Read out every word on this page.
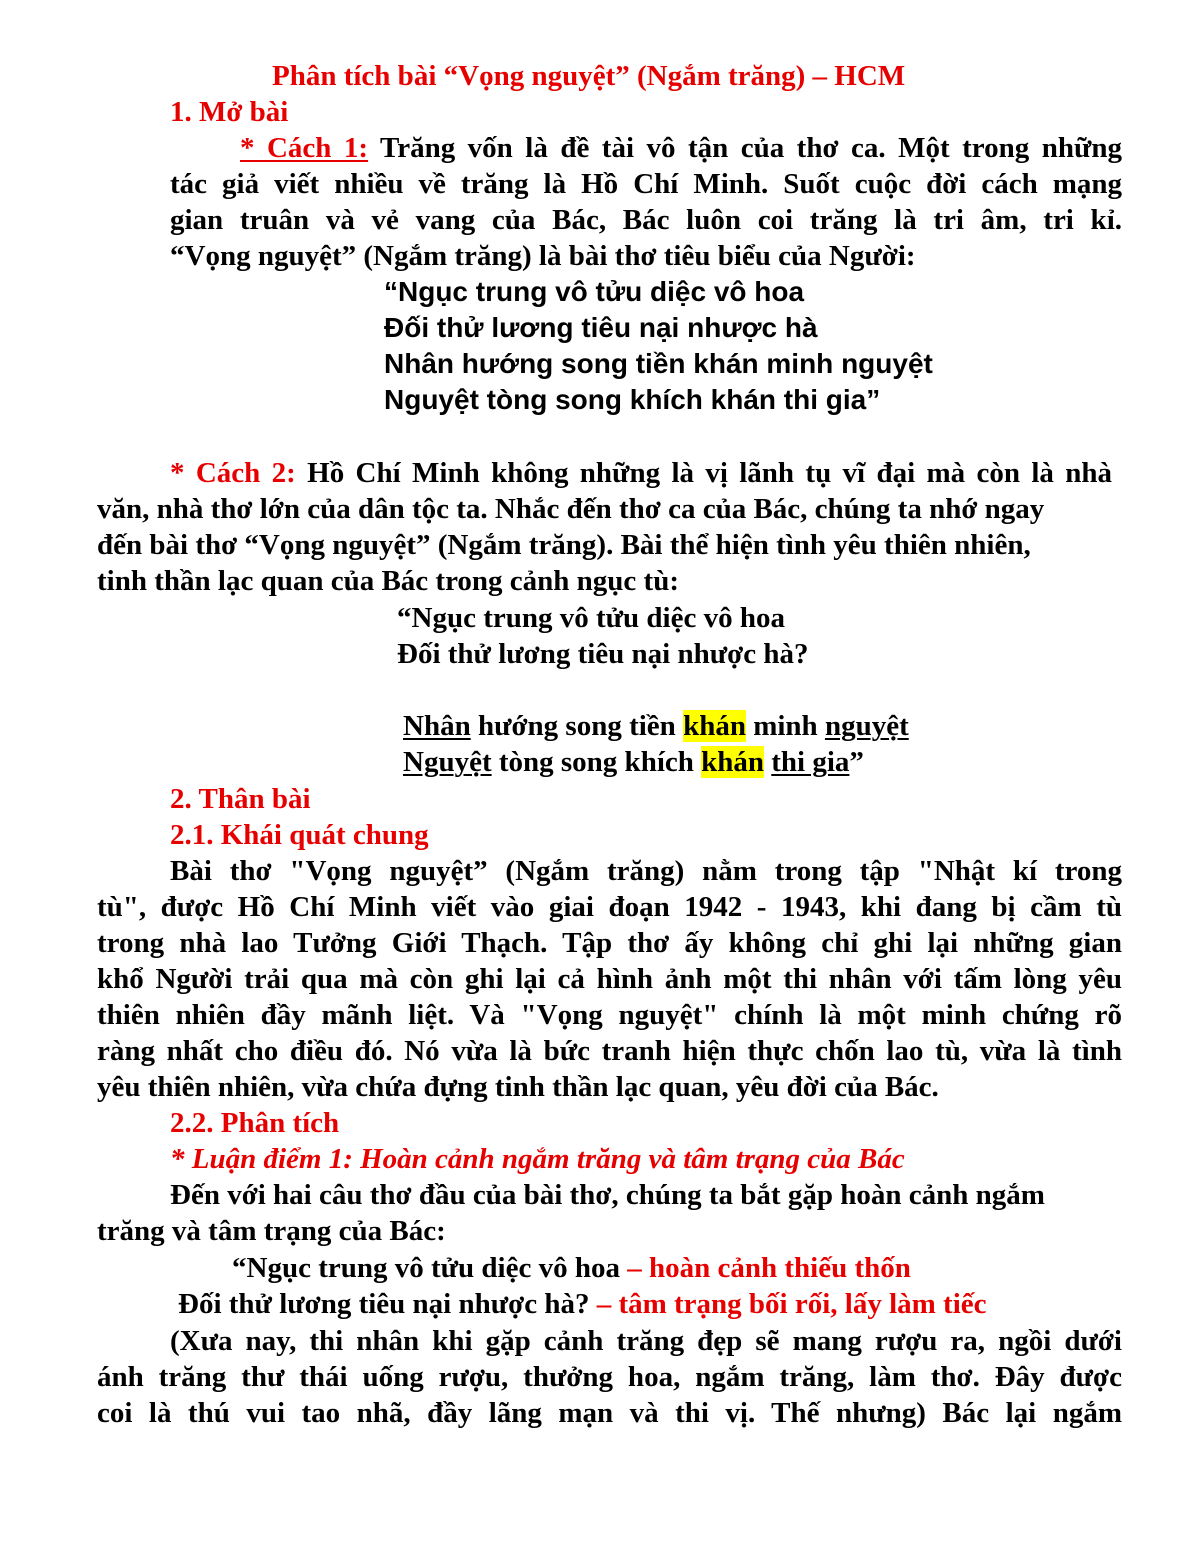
Phân tích bài “Vọng nguyệt” (Ngắm trăng) – HCM
1. Mở bài
* Cách 1: Trăng vốn là đề tài vô tận của thơ ca. Một trong những
tác giả viết nhiều về trăng là Hồ Chí Minh. Suốt cuộc đời cách mạng
gian truân và vẻ vang của Bác, Bác luôn coi trăng là tri âm, tri kỉ.
“Vọng nguyệt” (Ngắm trăng) là bài thơ tiêu biểu của Người:
“Ngục trung vô tửu diệc vô hoa
Đối thử lương tiêu nại nhược hà
Nhân hướng song tiền khán minh nguyệt
Nguyệt tòng song khích khán thi gia”
* Cách 2: Hồ Chí Minh không những là vị lãnh tụ vĩ đại mà còn là nhà
văn, nhà thơ lớn của dân tộc ta. Nhắc đến thơ ca của Bác, chúng ta nhớ ngay
đến bài thơ “Vọng nguyệt” (Ngắm trăng). Bài thể hiện tình yêu thiên nhiên,
tinh thần lạc quan của Bác trong cảnh ngục tù:
“Ngục trung vô tửu diệc vô hoa
Đối thử lương tiêu nại nhược hà?
Nhân hướng song tiền khán minh nguyệt
Nguyệt tòng song khích khán thi gia”
2. Thân bài
2.1. Khái quát chung
Bài thơ "Vọng nguyệt” (Ngắm trăng) nằm trong tập "Nhật kí trong
tù", được Hồ Chí Minh viết vào giai đoạn 1942 - 1943, khi đang bị cầm tù
trong nhà lao Tưởng Giới Thạch. Tập thơ ấy không chỉ ghi lại những gian
khổ Người trải qua mà còn ghi lại cả hình ảnh một thi nhân với tấm lòng yêu
thiên nhiên đầy mãnh liệt. Và "Vọng nguyệt" chính là một minh chứng rõ
ràng nhất cho điều đó. Nó vừa là bức tranh hiện thực chốn lao tù, vừa là tình
yêu thiên nhiên, vừa chứa đựng tinh thần lạc quan, yêu đời của Bác.
2.2. Phân tích
* Luận điểm 1: Hoàn cảnh ngắm trăng và tâm trạng của Bác
Đến với hai câu thơ đầu của bài thơ, chúng ta bắt gặp hoàn cảnh ngắm
trăng và tâm trạng của Bác:
“Ngục trung vô tửu diệc vô hoa – hoàn cảnh thiếu thốn
Đối thử lương tiêu nại nhược hà? – tâm trạng bối rối, lấy làm tiếc
(Xưa nay, thi nhân khi gặp cảnh trăng đẹp sẽ mang rượu ra, ngồi dưới
ánh trăng thư thái uống rượu, thưởng hoa, ngắm trăng, làm thơ. Đây được
coi là thú vui tao nhã, đầy lãng mạn và thi vị. Thế nhưng) Bác lại ngắm
